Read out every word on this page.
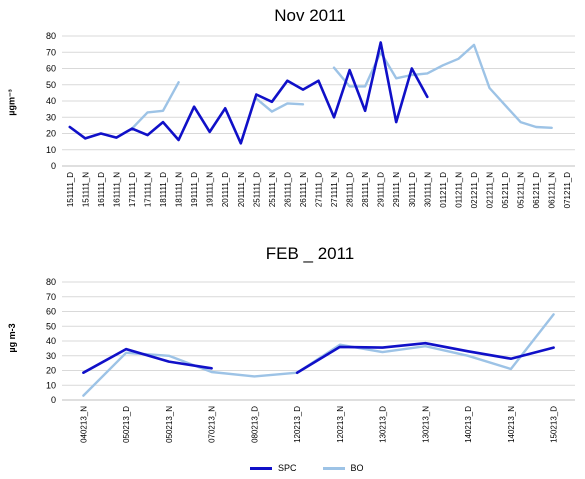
Nov 2011
µgm⁻³
FEB _ 2011
µg m-3
0
10
20
30
40
50
60
70
80
151111_D 151111_N 161111_D 161111_N 171111_D 171111_N 181111_D 181111_N 191111_D 191111_N 201111_D 201111_N 251111_D 251111_N 261111_D 261111_N 271111_D 271111_N 281111_D 281111_N 291111_D 291111_N 301111_D 301111_N 011211_D 011211_N 021211_D 021211_N 051211_D 051211_N 061211_D 061211_N 071211_D
0
10
20
30
40
50
60
70
80
040213_N	050213_D	050213_N	070213_N	080213_D	120213_D	120213_N	130213_D	130213_N	140213_D	140213_N	150213_D
SPC	BO
